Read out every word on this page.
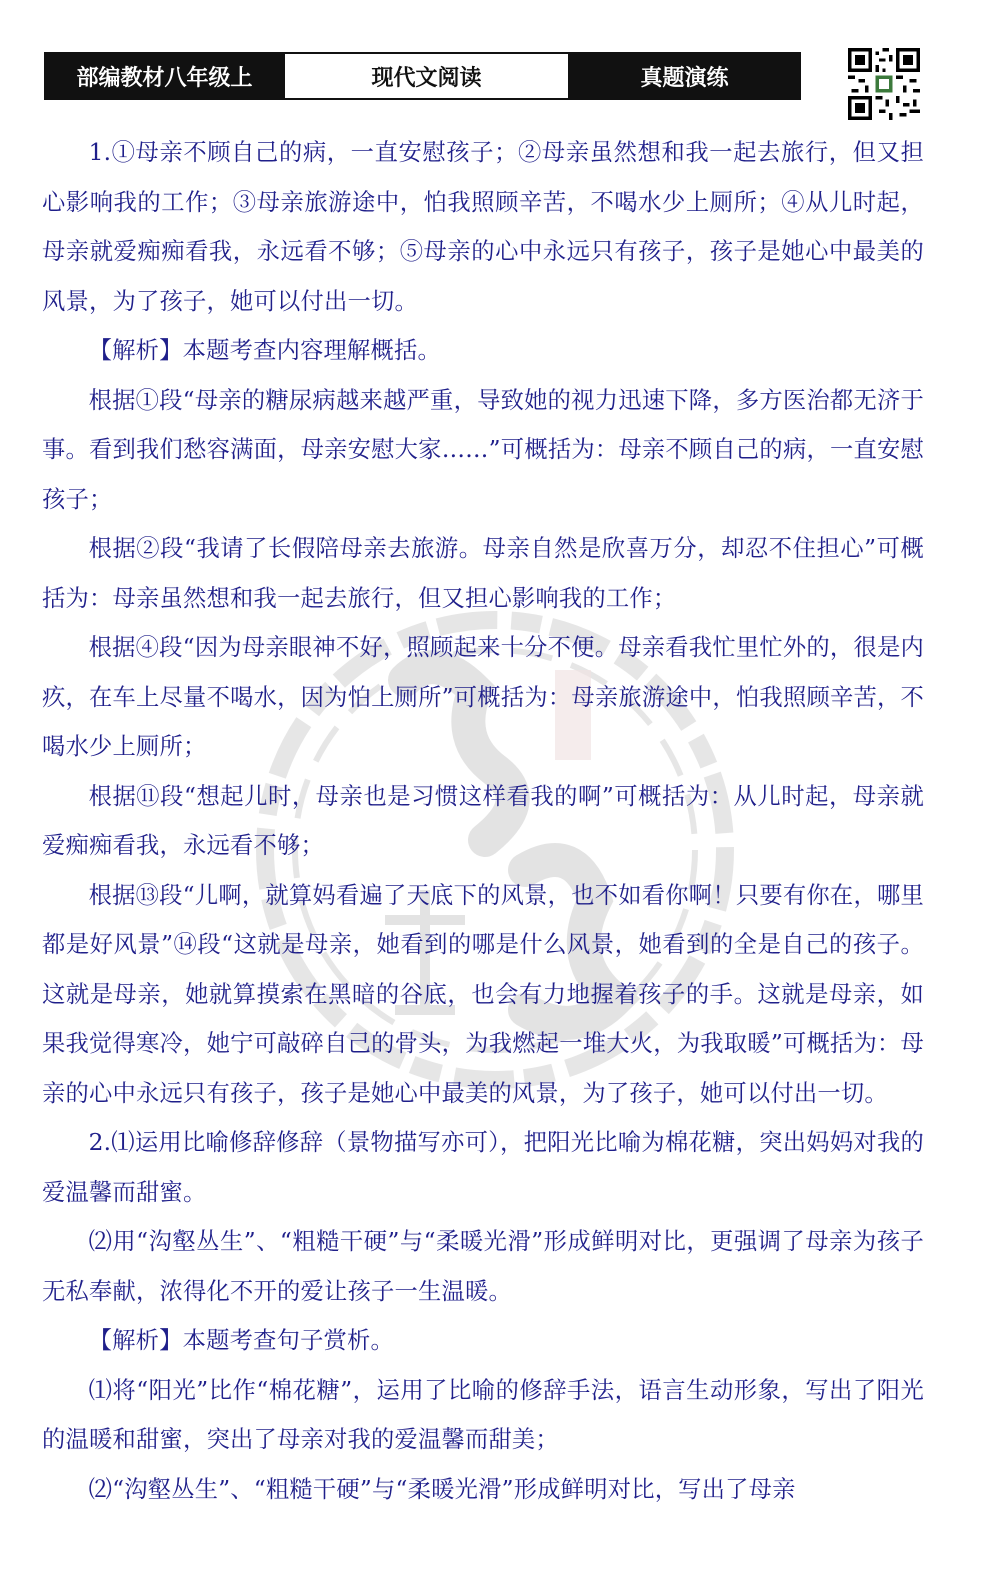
部编教材八年级上	现代文阅读	真题演练

1.①母亲不顾自己的病，一直安慰孩子；②母亲虽然想和我一起去旅行，但又担心影响我的工作；③母亲旅游途中，怕我照顾辛苦，不喝水少上厕所；④从儿时起，母亲就爱痴痴看我，永远看不够；⑤母亲的心中永远只有孩子，孩子是她心中最美的风景，为了孩子，她可以付出一切。

【解析】本题考查内容理解概括。

根据①段“母亲的糖尿病越来越严重，导致她的视力迅速下降，多方医治都无济于事。看到我们愁容满面，母亲安慰大家……”可概括为：母亲不顾自己的病，一直安慰孩子；

根据②段“我请了长假陪母亲去旅游。母亲自然是欣喜万分，却忍不住担心”可概括为：母亲虽然想和我一起去旅行，但又担心影响我的工作；

根据④段“因为母亲眼神不好，照顾起来十分不便。母亲看我忙里忙外的，很是内疚，在车上尽量不喝水，因为怕上厕所”可概括为：母亲旅游途中，怕我照顾辛苦，不喝水少上厕所；

根据⑪段“想起儿时，母亲也是习惯这样看我的啊”可概括为：从儿时起，母亲就爱痴痴看我，永远看不够；

根据⑬段“儿啊，就算妈看遍了天底下的风景，也不如看你啊！只要有你在，哪里都是好风景”⑭段“这就是母亲，她看到的哪是什么风景，她看到的全是自己的孩子。这就是母亲，她就算摸索在黑暗的谷底，也会有力地握着孩子的手。这就是母亲，如果我觉得寒冷，她宁可敲碎自己的骨头，为我燃起一堆大火，为我取暖”可概括为：母亲的心中永远只有孩子，孩子是她心中最美的风景，为了孩子，她可以付出一切。

2.⑴运用比喻修辞修辞（景物描写亦可），把阳光比喻为棉花糖，突出妈妈对我的爱温馨而甜蜜。

⑵用“沟壑丛生”、“粗糙干硬”与“柔暖光滑”形成鲜明对比，更强调了母亲为孩子无私奉献，浓得化不开的爱让孩子一生温暖。

【解析】本题考查句子赏析。

⑴将“阳光”比作“棉花糖”，运用了比喻的修辞手法，语言生动形象，写出了阳光的温暖和甜蜜，突出了母亲对我的爱温馨而甜美；

⑵“沟壑丛生”、“粗糙干硬”与“柔暖光滑”形成鲜明对比，写出了母亲
